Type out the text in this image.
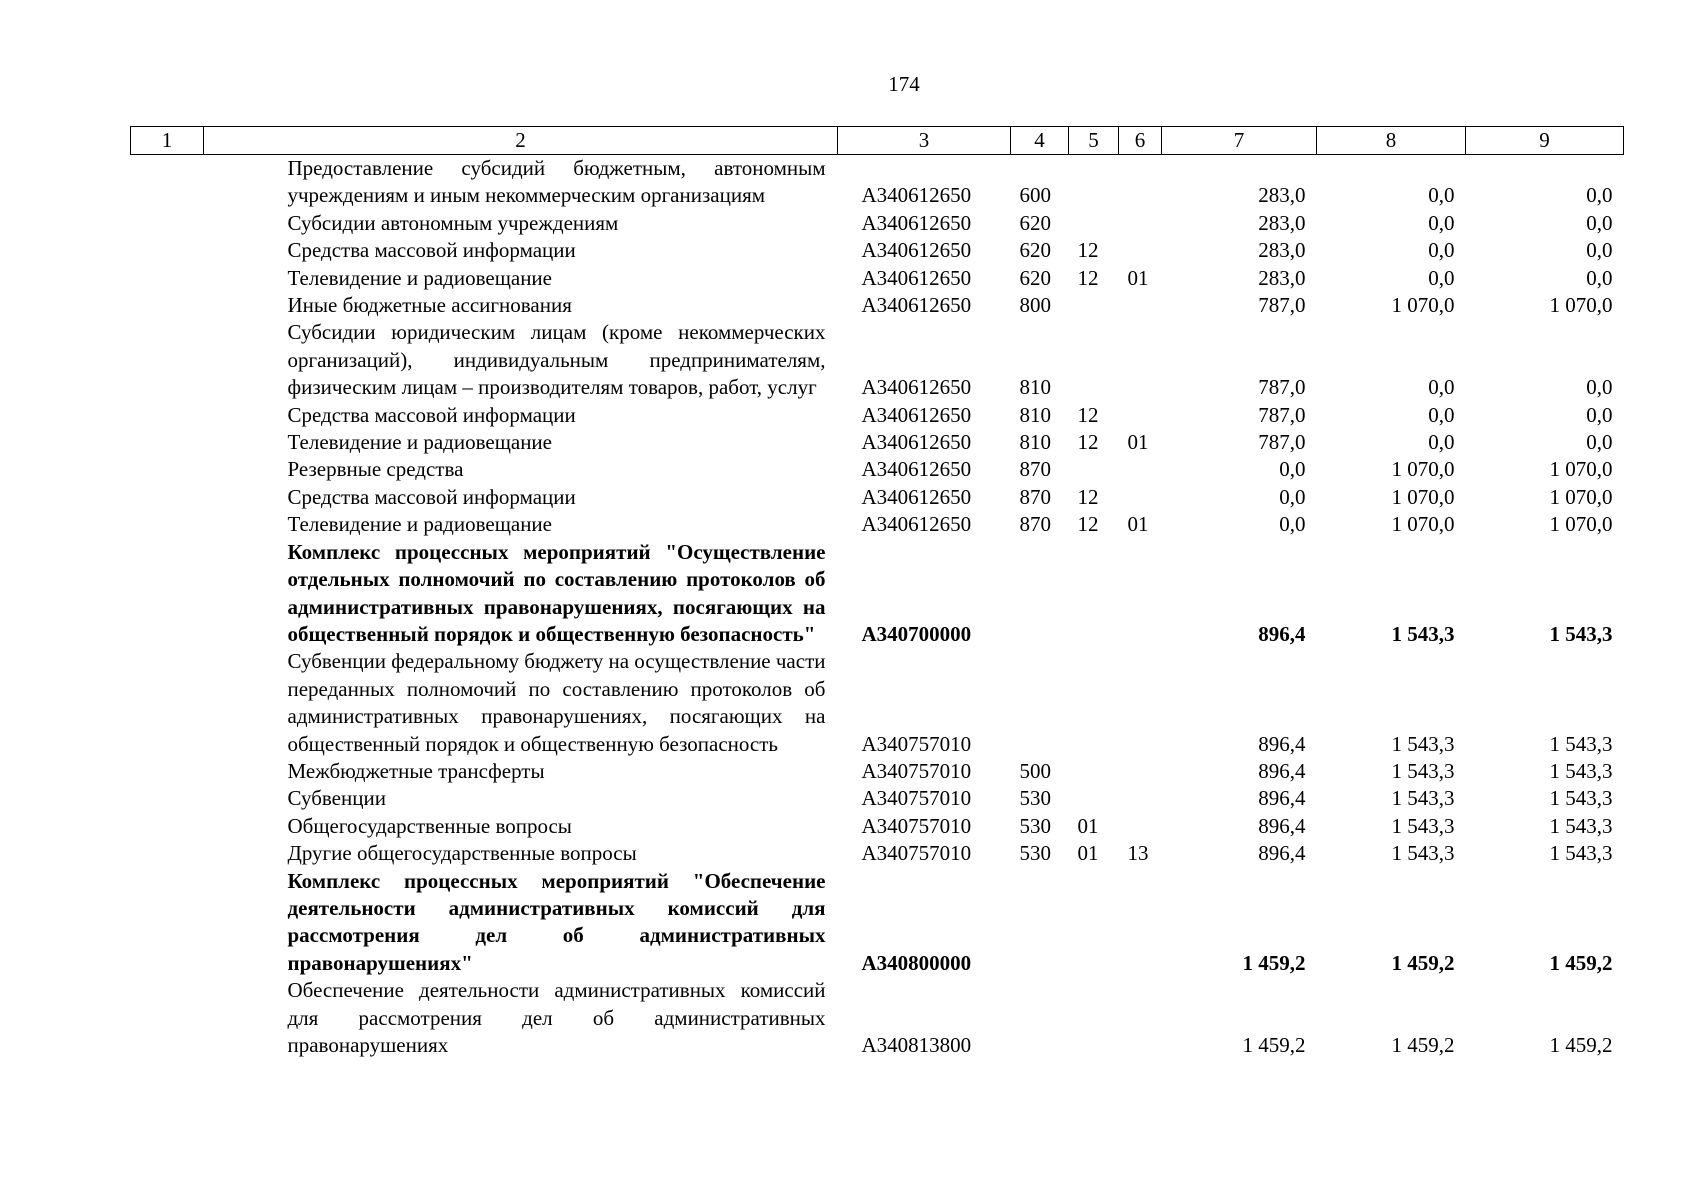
174
1	2	3	4	5	6	7	8	9
	Предоставление субсидий бюджетным, автономным учреждениям и иным некоммерческим организациям	А340612650	600			283,0	0,0	0,0
	Субсидии автономным учреждениям	А340612650	620			283,0	0,0	0,0
	Средства массовой информации	А340612650	620	12		283,0	0,0	0,0
	Телевидение и радиовещание	А340612650	620	12	01	283,0	0,0	0,0
	Иные бюджетные ассигнования	А340612650	800			787,0	1 070,0	1 070,0
	Субсидии юридическим лицам (кроме некоммерческих организаций), индивидуальным предпринимателям, физическим лицам – производителям товаров, работ, услуг	А340612650	810			787,0	0,0	0,0
	Средства массовой информации	А340612650	810	12		787,0	0,0	0,0
	Телевидение и радиовещание	А340612650	810	12	01	787,0	0,0	0,0
	Резервные средства	А340612650	870			0,0	1 070,0	1 070,0
	Средства массовой информации	А340612650	870	12		0,0	1 070,0	1 070,0
	Телевидение и радиовещание	А340612650	870	12	01	0,0	1 070,0	1 070,0
	Комплекс процессных мероприятий "Осуществление отдельных полномочий по составлению протоколов об административных правонарушениях, посягающих на общественный порядок и общественную безопасность"	А340700000				896,4	1 543,3	1 543,3
	Субвенции федеральному бюджету на осуществление части переданных полномочий по составлению протоколов об административных правонарушениях, посягающих на общественный порядок и общественную безопасность	А340757010				896,4	1 543,3	1 543,3
	Межбюджетные трансферты	А340757010	500			896,4	1 543,3	1 543,3
	Субвенции	А340757010	530			896,4	1 543,3	1 543,3
	Общегосударственные вопросы	А340757010	530	01		896,4	1 543,3	1 543,3
	Другие общегосударственные вопросы	А340757010	530	01	13	896,4	1 543,3	1 543,3
	Комплекс процессных мероприятий "Обеспечение деятельности административных комиссий для рассмотрения дел об административных правонарушениях"	А340800000				1 459,2	1 459,2	1 459,2
	Обеспечение деятельности административных комиссий для рассмотрения дел об административных правонарушениях	А340813800				1 459,2	1 459,2	1 459,2
